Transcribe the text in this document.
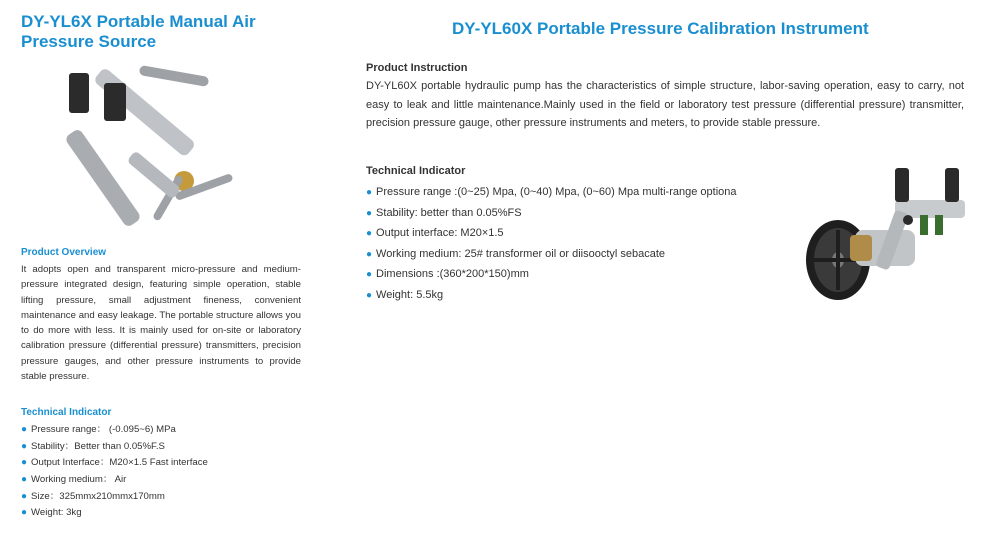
DY-YL6X Portable Manual Air Pressure Source
Product Overview
It adopts open and transparent micro-pressure and medium-pressure integrated design, featuring simple operation, stable lifting pressure, small adjustment fineness, convenient maintenance and easy leakage. The portable structure allows you to do more with less. It is mainly used for on-site or laboratory calibration pressure (differential pressure) transmitters, precision pressure gauges, and other pressure instruments to provide stable pressure.
Technical Indicator
● Pressure range： (-0.095~6) MPa
● Stability：Better than 0.05%F.S
● Output Interface：M20×1.5 Fast interface
● Working medium： Air
● Size：325mmx210mmx170mm
● Weight: 3kg
DY-YL60X Portable Pressure Calibration Instrument
Product Instruction
DY-YL60X portable hydraulic pump has the characteristics of simple structure, labor-saving operation, easy to carry, not easy to leak and little maintenance.Mainly used in the field or laboratory test pressure (differential pressure) transmitter, precision pressure gauge, other pressure instruments and meters, to provide stable pressure.
Technical Indicator
● Pressure range :(0~25) Mpa, (0~40) Mpa, (0~60) Mpa multi-range optiona
● Stability: better than 0.05%FS
● Output interface: M20×1.5
● Working medium: 25# transformer oil or diisooctyl sebacate
● Dimensions :(360*200*150)mm
● Weight: 5.5kg
